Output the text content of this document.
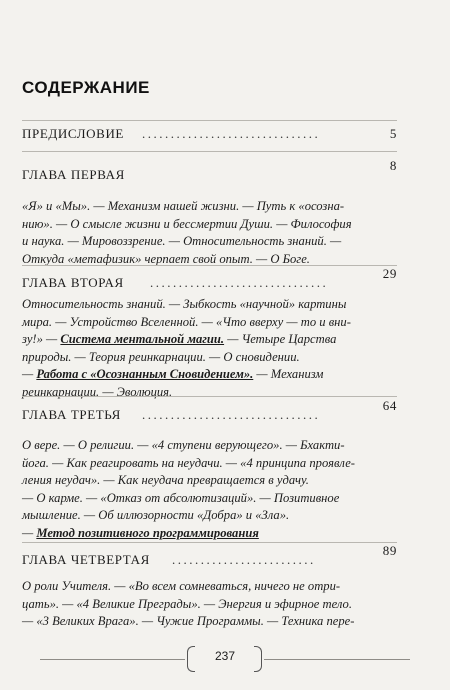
СОДЕРЖАНИЕ
ПРЕДИСЛОВИЕ ...............................	5
ГЛАВА ПЕРВАЯ
8

«Я» и «Мы». — Механизм нашей жизни. — Путь к «осозна-

нию». — О смысле жизни и бессмертии Души. — Философия

и наука. — Мировоззрение. — Относительность знаний. —

Откуда «метафизик» черпает свой опыт. — О Боге.

ГЛАВА ВТОРАЯ ...............................
29

Относительность знаний. — Зыбкость «научной» картины

мира. — Устройство Вселенной. — «Что вверху — то и вни-

зу!» — Система ментальной магии. — Четыре Царства

природы. — Теория реинкарнации. — О сновидении.

— Работа с «Осознанным Сновидением». — Механизм

реинкарнации. — Эволюция.

ГЛАВА ТРЕТЬЯ ...............................
64

О вере. — О религии. — «4 ступени верующего». — Бхакти-

йога. — Как реагировать на неудачи. — «4 принципа проявле-

ления неудач». — Как неудача превращается в удачу.

— О карме. — «Отказ от абсолютизаций». — Позитивное

мышление. — Об иллюзорности «Добра» и «Зла».

— Метод позитивного программирования

ГЛАВА ЧЕТВЕРТАЯ .........................
89

О роли Учителя. — «Во всем сомневаться, ничего не отри-

цать». — «4 Великие Преграды». — Энергия и эфирное тело.

— «3 Великих Врага». — Чужие Программы. — Техника пере-

237
